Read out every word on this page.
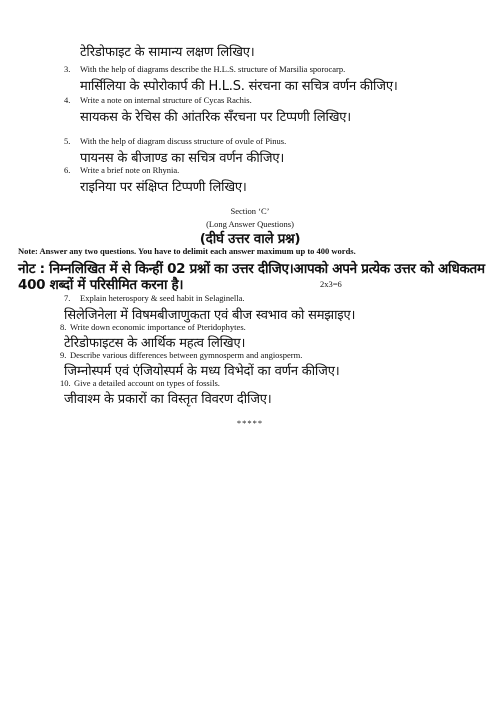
टेरिडोफाइट के सामान्य लक्षण लिखिए।
3. With the help of diagrams describe the H.L.S. structure of Marsilia sporocarp.
मार्सिलिया के स्पोरोकार्प की H.L.S. संरचना का सचित्र वर्णन कीजिए।
4. Write a note on internal structure of Cycas Rachis.
सायकस के रेचिस की आंतरिक सँरचना पर टिप्पणी लिखिए।
5. With the help of diagram discuss structure of ovule of Pinus.
पायनस के बीजाण्ड का सचित्र वर्णन कीजिए।
6. Write a brief note on Rhynia.
राइनिया पर संक्षिप्त टिप्पणी लिखिए।
Section ‘C’
(Long Answer Questions)
(दीर्घ उत्तर वाले प्रश्न)
Note: Answer any two questions. You have to delimit each answer maximum up to 400 words.
नोट : निम्नलिखित में से किन्हीं 02 प्रश्नों का उत्तर दीजिए।आपको अपने प्रत्येक उत्तर को अधिकतम
400 शब्दों में परिसीमित करना है।	2x3=6
7. Explain heterospory & seed habit in Selaginella.
सिलेजिनेला में विषमबीजाणुकता एवं बीज स्वभाव को समझाइए।
8. Write down economic importance of Pteridophytes.
टेरिडोफाइटस के आर्थिक महत्व लिखिए।
9. Describe various differences between gymnosperm and angiosperm.
जिम्नोस्पर्म एवं एंजियोस्पर्म के मध्य विभेदों का वर्णन कीजिए।
10. Give a detailed account on types of fossils.
जीवाश्म के प्रकारों का विस्तृत विवरण दीजिए।
*****
